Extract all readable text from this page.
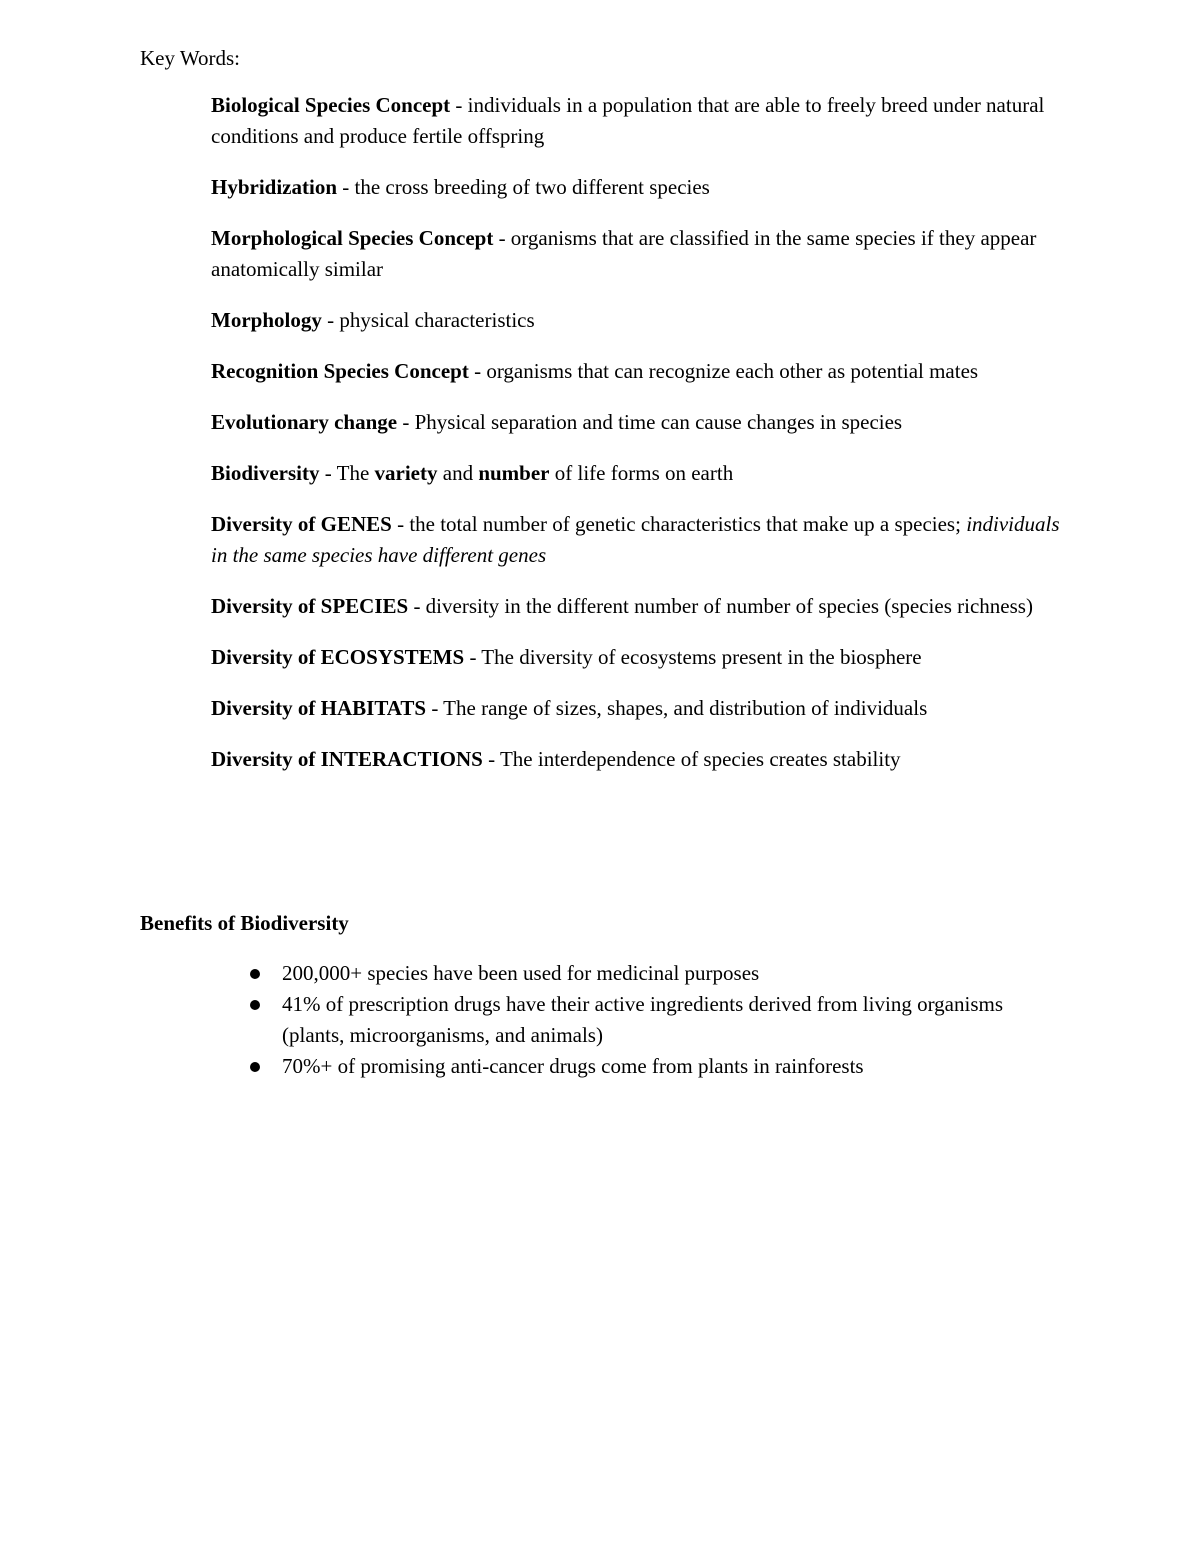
Key Words:
Biological Species Concept - individuals in a population that are able to freely breed under natural conditions and produce fertile offspring
Hybridization - the cross breeding of two different species
Morphological Species Concept - organisms that are classified in the same species if they appear anatomically similar
Morphology - physical characteristics
Recognition Species Concept - organisms that can recognize each other as potential mates
Evolutionary change - Physical separation and time can cause changes in species
Biodiversity - The variety and number of life forms on earth
Diversity of GENES - the total number of genetic characteristics that make up a species; individuals in the same species have different genes
Diversity of SPECIES - diversity in the different number of number of species (species richness)
Diversity of ECOSYSTEMS - The diversity of ecosystems present in the biosphere
Diversity of HABITATS - The range of sizes, shapes, and distribution of individuals
Diversity of INTERACTIONS - The interdependence of species creates stability
Benefits of Biodiversity
200,000+ species have been used for medicinal purposes
41% of prescription drugs have their active ingredients derived from living organisms (plants, microorganisms, and animals)
70%+ of promising anti-cancer drugs come from plants in rainforests
